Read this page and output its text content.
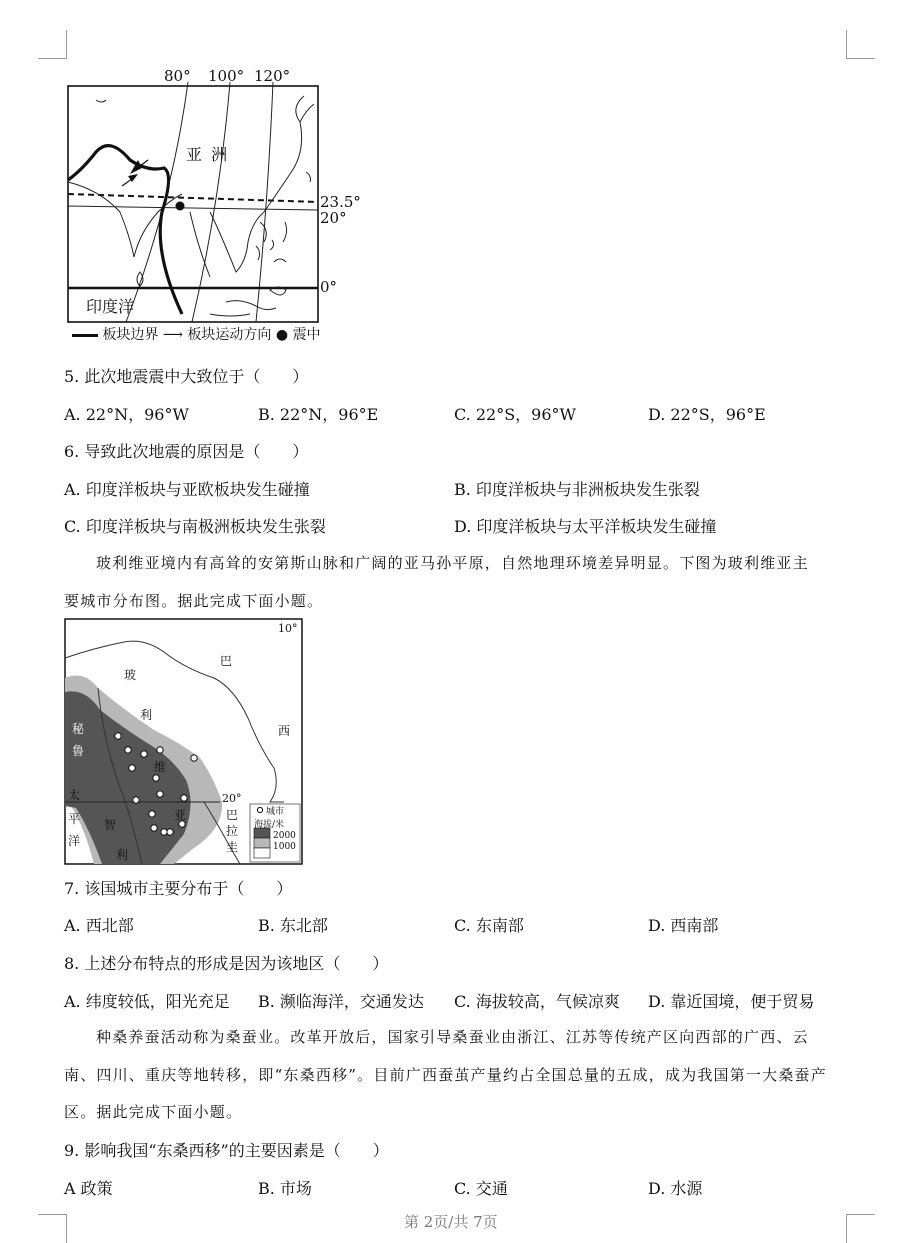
80° 100° 120°
23.5°
20°
0°
亚 洲
印度洋
板块边界 ⟶ 板块运动方向 ● 震中
5. 此次地震震中大致位于（　　）
A. 22°N，96°W	B. 22°N，96°E	C. 22°S，96°W	D. 22°S，96°E
6. 导致此次地震的原因是（　　）
A. 印度洋板块与亚欧板块发生碰撞	B. 印度洋板块与非洲板块发生张裂
C. 印度洋板块与南极洲板块发生张裂	D. 印度洋板块与太平洋板块发生碰撞
玻利维亚境内有高耸的安第斯山脉和广阔的亚马孙平原，自然地理环境差异明显。下图为玻利维亚主
要城市分布图。据此完成下面小题。
10°
20°
玻
利
维
亚
巴
西
秘
鲁
智
利
太
平
洋
巴
拉
圭
城市
海拔/米
2000
1000
7. 该国城市主要分布于（　　）
A. 西北部	B. 东北部	C. 东南部	D. 西南部
8. 上述分布特点的形成是因为该地区（　　）
A. 纬度较低，阳光充足 B. 濒临海洋，交通发达 C. 海拔较高，气候凉爽 D. 靠近国境，便于贸易
种桑养蚕活动称为桑蚕业。改革开放后，国家引导桑蚕业由浙江、江苏等传统产区向西部的广西、云
南、四川、重庆等地转移，即“东桑西移”。目前广西蚕茧产量约占全国总量的五成，成为我国第一大桑蚕产
区。据此完成下面小题。
9. 影响我国“东桑西移”的主要因素是（　　）
A 政策	B. 市场	C. 交通	D. 水源
第 2页/共 7页
